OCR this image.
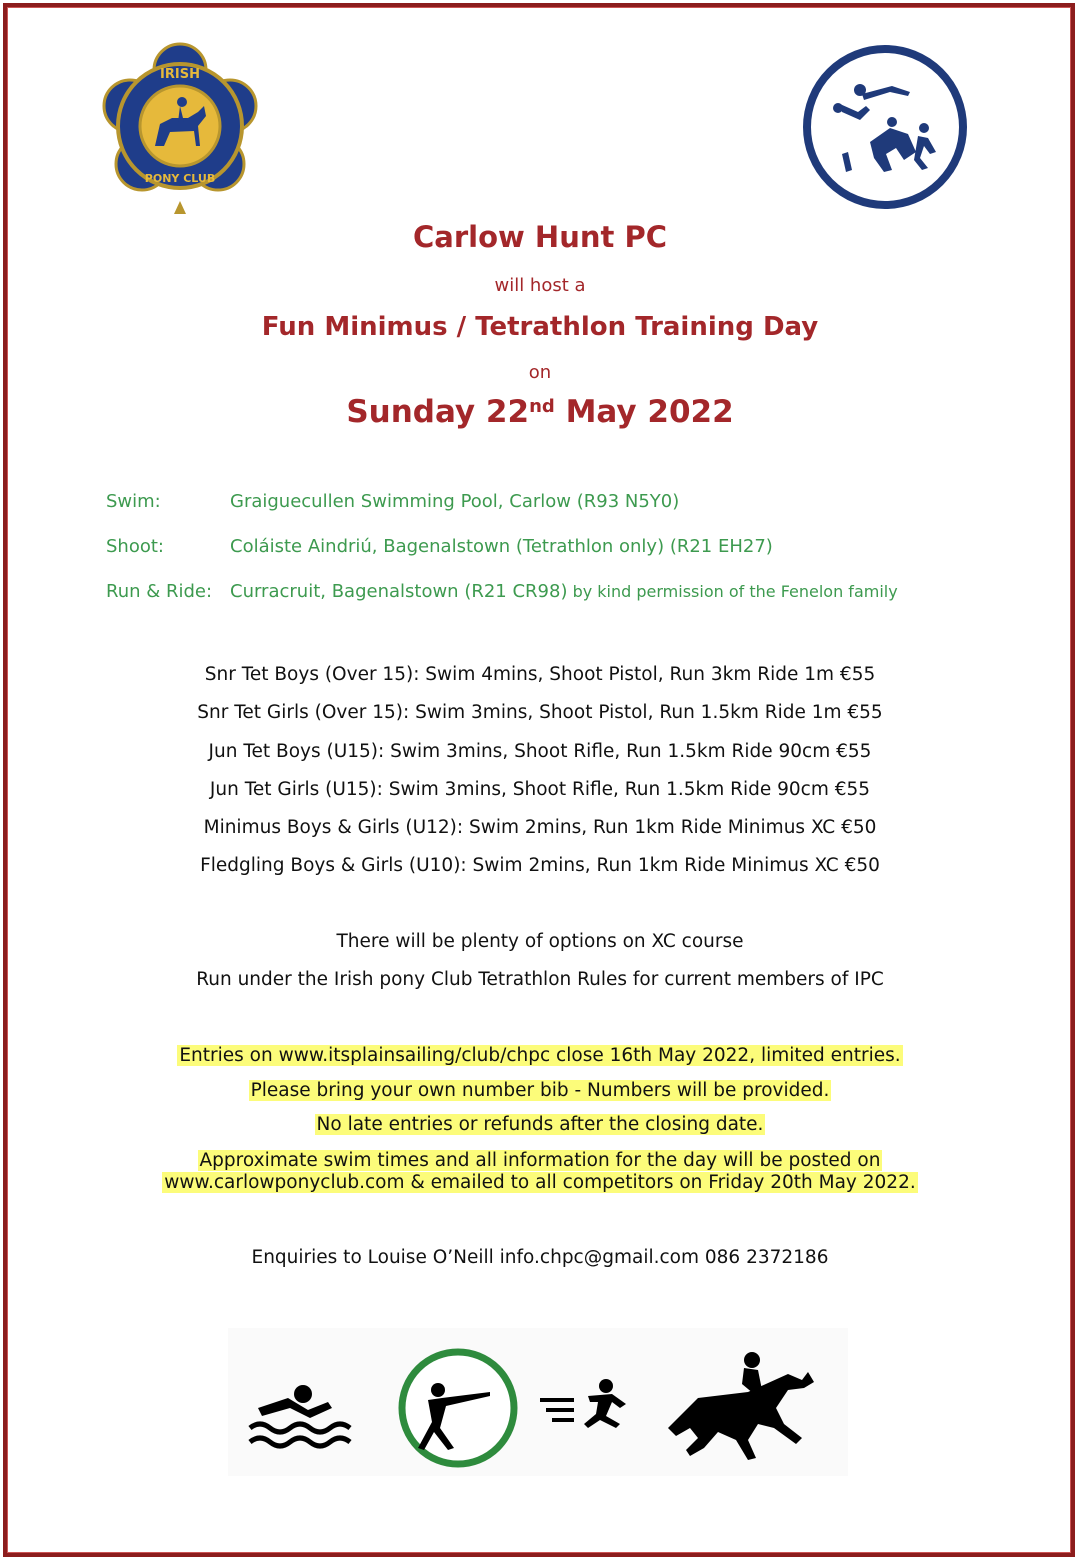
IRISH
PONY CLUB
Carlow Hunt PC
will host a
Fun Minimus / Tetrathlon Training Day
on
Sunday 22nd May 2022
Swim:	Graiguecullen Swimming Pool, Carlow (R93 N5Y0)
Shoot:	Coláiste Aindriú, Bagenalstown (Tetrathlon only) (R21 EH27)
Run & Ride: Curracruit, Bagenalstown (R21 CR98) by kind permission of the Fenelon family
Snr Tet Boys (Over 15): Swim 4mins, Shoot Pistol, Run 3km Ride 1m €55
Snr Tet Girls (Over 15): Swim 3mins, Shoot Pistol, Run 1.5km Ride 1m €55
Jun Tet Boys (U15): Swim 3mins, Shoot Rifle, Run 1.5km Ride 90cm €55
Jun Tet Girls (U15): Swim 3mins, Shoot Rifle, Run 1.5km Ride 90cm €55
Minimus Boys & Girls (U12): Swim 2mins, Run 1km Ride Minimus XC €50
Fledgling Boys & Girls (U10): Swim 2mins, Run 1km Ride Minimus XC €50
There will be plenty of options on XC course
Run under the Irish pony Club Tetrathlon Rules for current members of IPC
Entries on www.itsplainsailing/club/chpc close 16th May 2022, limited entries.
Please bring your own number bib - Numbers will be provided.
No late entries or refunds after the closing date.
Approximate swim times and all information for the day will be posted on
www.carlowponyclub.com & emailed to all competitors on Friday 20th May 2022.
Enquiries to Louise O’Neill info.chpc@gmail.com 086 2372186
